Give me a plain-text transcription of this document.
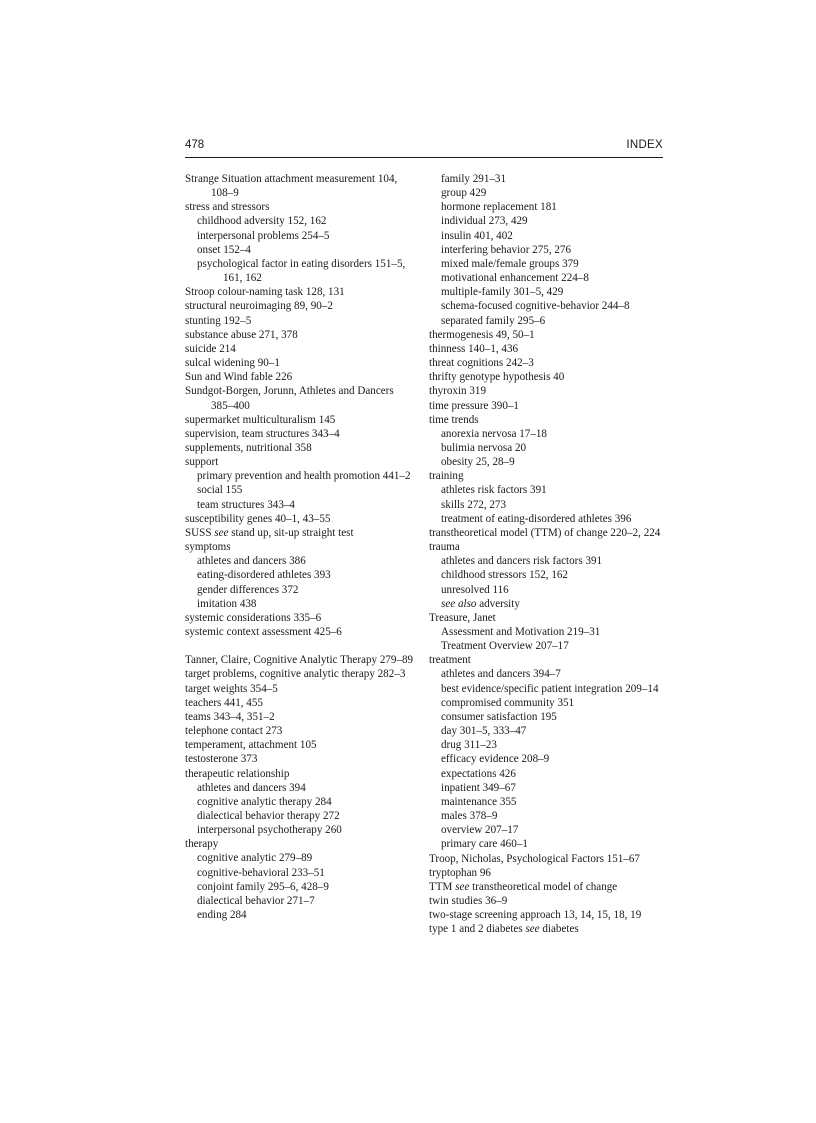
478	INDEX

Strange Situation attachment measurement 104, 108–9

stress and stressors

childhood adversity 152, 162

interpersonal problems 254–5

onset 152–4

psychological factor in eating disorders 151–5, 161, 162

Stroop colour-naming task 128, 131

structural neuroimaging 89, 90–2

stunting 192–5

substance abuse 271, 378

suicide 214

sulcal widening 90–1

Sun and Wind fable 226

Sundgot-Borgen, Jorunn, Athletes and Dancers 385–400

supermarket multiculturalism 145

supervision, team structures 343–4

supplements, nutritional 358

support

primary prevention and health promotion 441–2

social 155

team structures 343–4

susceptibility genes 40–1, 43–55

SUSS see stand up, sit-up straight test

symptoms

athletes and dancers 386

eating-disordered athletes 393

gender differences 372

imitation 438

systemic considerations 335–6

systemic context assessment 425–6

Tanner, Claire, Cognitive Analytic Therapy 279–89

target problems, cognitive analytic therapy 282–3

target weights 354–5

teachers 441, 455

teams 343–4, 351–2

telephone contact 273

temperament, attachment 105

testosterone 373

therapeutic relationship

athletes and dancers 394

cognitive analytic therapy 284

dialectical behavior therapy 272

interpersonal psychotherapy 260

therapy

cognitive analytic 279–89

cognitive-behavioral 233–51

conjoint family 295–6, 428–9

dialectical behavior 271–7

ending 284

family 291–31

group 429

hormone replacement 181

individual 273, 429

insulin 401, 402

interfering behavior 275, 276

mixed male/female groups 379

motivational enhancement 224–8

multiple-family 301–5, 429

schema-focused cognitive-behavior 244–8

separated family 295–6

thermogenesis 49, 50–1

thinness 140–1, 436

threat cognitions 242–3

thrifty genotype hypothesis 40

thyroxin 319

time pressure 390–1

time trends

anorexia nervosa 17–18

bulimia nervosa 20

obesity 25, 28–9

training

athletes risk factors 391

skills 272, 273

treatment of eating-disordered athletes 396

transtheoretical model (TTM) of change 220–2, 224

trauma

athletes and dancers risk factors 391

childhood stressors 152, 162

unresolved 116

see also adversity

Treasure, Janet

Assessment and Motivation 219–31

Treatment Overview 207–17

treatment

athletes and dancers 394–7

best evidence/specific patient integration 209–14

compromised community 351

consumer satisfaction 195

day 301–5, 333–47

drug 311–23

efficacy evidence 208–9

expectations 426

inpatient 349–67

maintenance 355

males 378–9

overview 207–17

primary care 460–1

Troop, Nicholas, Psychological Factors 151–67

tryptophan 96

TTM see transtheoretical model of change

twin studies 36–9

two-stage screening approach 13, 14, 15, 18, 19

type 1 and 2 diabetes see diabetes
